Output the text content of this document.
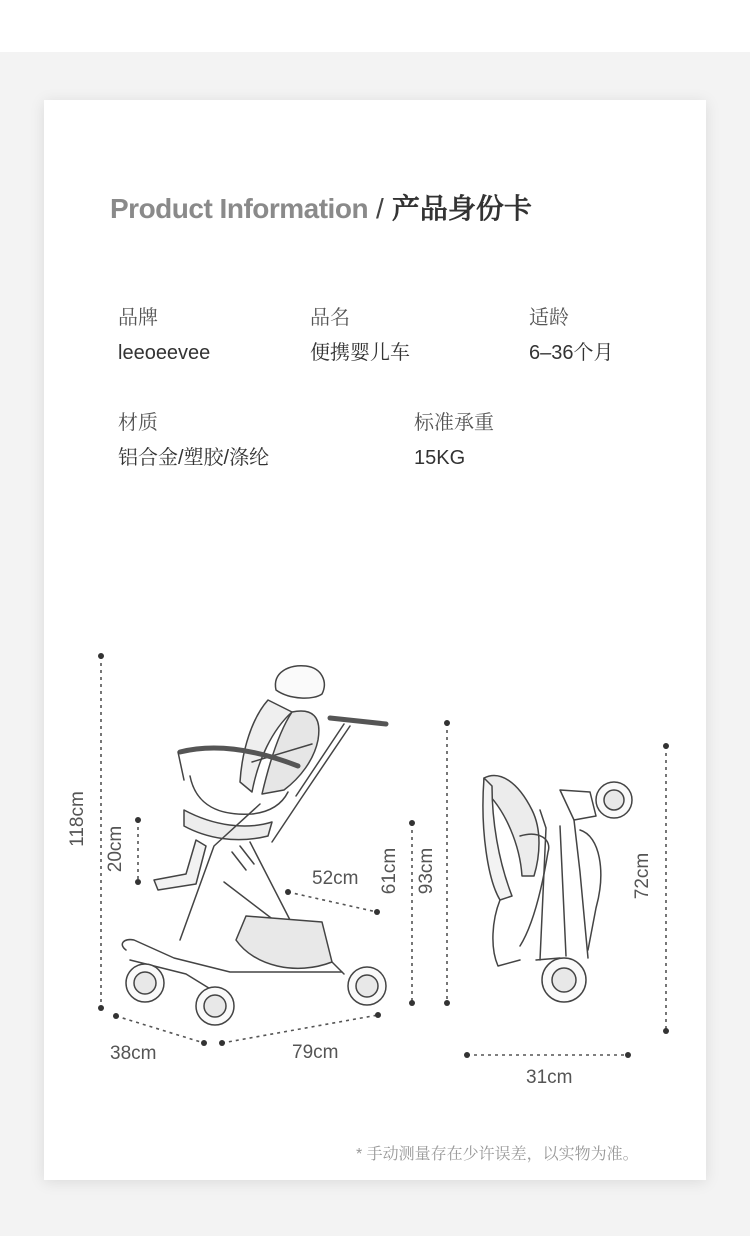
Product Information / 产品身份卡
品牌
leeoeevee
品名
便携婴儿车
适龄
6–36个月
材质
铝合金/塑胶/涤纶
标准承重
15KG
118cm
20cm
52cm 61cm 93cm
38cm	79cm
72cm
31cm
* 手动测量存在少许误差，以实物为准。
